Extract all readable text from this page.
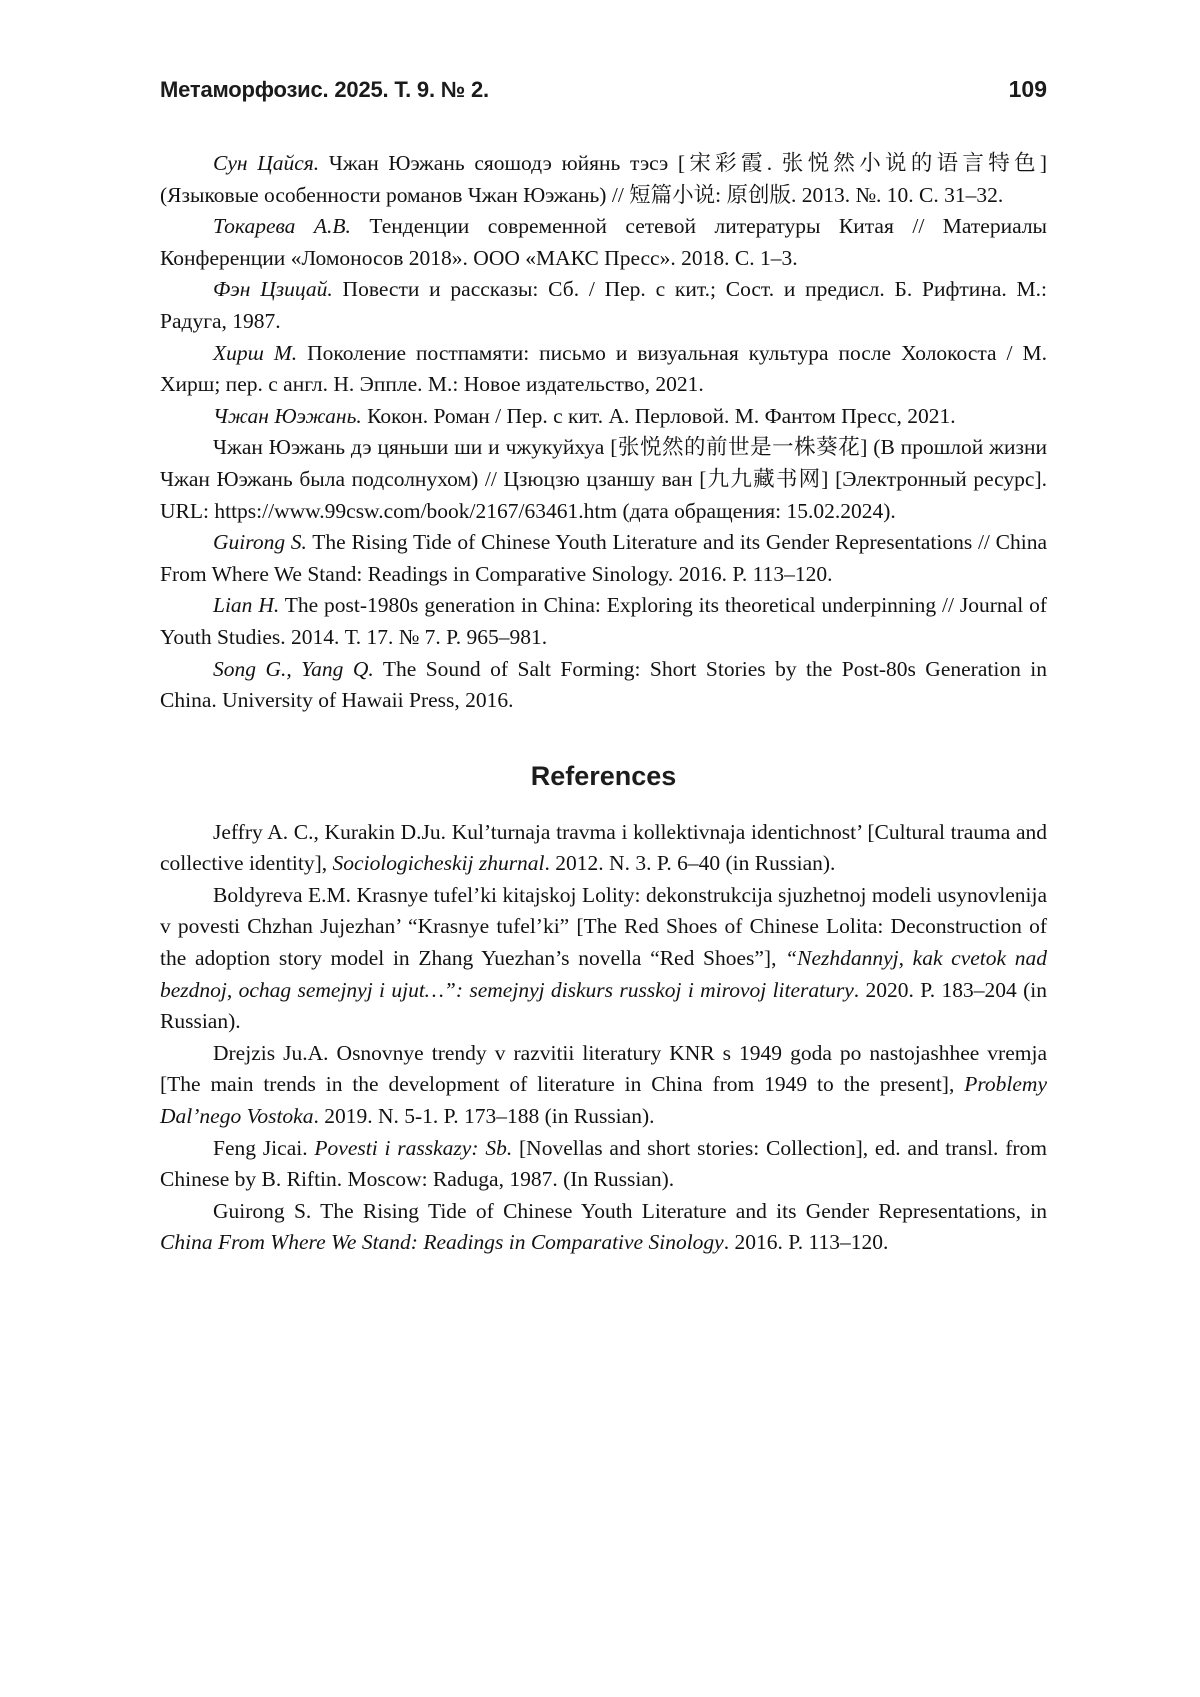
Метаморфозис. 2025. Т. 9. № 2.	109

Сун Цайся. Чжан Юэжань сяошодэ юйянь тэсэ [宋彩霞. 张悦然小说的语言特色] (Языковые особенности романов Чжан Юэжань) // 短篇小说: 原创版. 2013. №. 10. С. 31–32.

Токарева А.В. Тенденции современной сетевой литературы Китая // Материалы Конференции «Ломоносов 2018». ООО «МАКС Пресс». 2018. С. 1–3.

Фэн Цзицай. Повести и рассказы: Сб. / Пер. с кит.; Сост. и предисл. Б. Рифтина. М.: Радуга, 1987.

Хирш М. Поколение постпамяти: письмо и визуальная культура после Холокоста / М. Хирш; пер. с англ. Н. Эппле. М.: Новое издательство, 2021.

Чжан Юэжань. Кокон. Роман / Пер. с кит. А. Перловой. М. Фантом Пресс, 2021.

Чжан Юэжань дэ цяньши ши и чжукуйхуа [张悦然的前世是一株葵花] (В прошлой жизни Чжан Юэжань была подсолнухом) // Цзюцзю цзаншу ван [九九藏书网] [Электронный ресурс]. URL: https://www.99csw.com/book/2167/63461.htm (дата обращения: 15.02.2024).

Guirong S. The Rising Tide of Chinese Youth Literature and its Gender Representations // China From Where We Stand: Readings in Comparative Sinology. 2016. P. 113–120.

Lian H. The post-1980s generation in China: Exploring its theoretical underpinning // Journal of Youth Studies. 2014. Т. 17. № 7. P. 965–981.

Song G., Yang Q. The Sound of Salt Forming: Short Stories by the Post-80s Generation in China. University of Hawaii Press, 2016.

References

Jeffry A. C., Kurakin D.Ju. Kul’turnaja travma i kollektivnaja identichnost’ [Cultural trauma and collective identity], Sociologicheskij zhurnal. 2012. N. 3. P. 6–40 (in Russian).

Boldyreva E.M. Krasnye tufel’ki kitajskoj Lolity: dekonstrukcija sjuzhetnoj modeli usynovlenija v povesti Chzhan Jujezhan’ “Krasnye tufel’ki” [The Red Shoes of Chinese Lolita: Deconstruction of the adoption story model in Zhang Yuezhan’s novella “Red Shoes”], “Nezhdannyj, kak cvetok nad bezdnoj, ochag semejnyj i ujut…”: semejnyj diskurs russkoj i mirovoj literatury. 2020. P. 183–204 (in Russian).

Drejzis Ju.A. Osnovnye trendy v razvitii literatury KNR s 1949 goda po nastojashhee vremja [The main trends in the development of literature in China from 1949 to the present], Problemy Dal’nego Vostoka. 2019. N. 5-1. P. 173–188 (in Russian).

Feng Jicai. Povesti i rasskazy: Sb. [Novellas and short stories: Collection], ed. and transl. from Chinese by B. Riftin. Moscow: Raduga, 1987. (In Russian).

Guirong S. The Rising Tide of Chinese Youth Literature and its Gender Representations, in China From Where We Stand: Readings in Comparative Sinology. 2016. P. 113–120.
